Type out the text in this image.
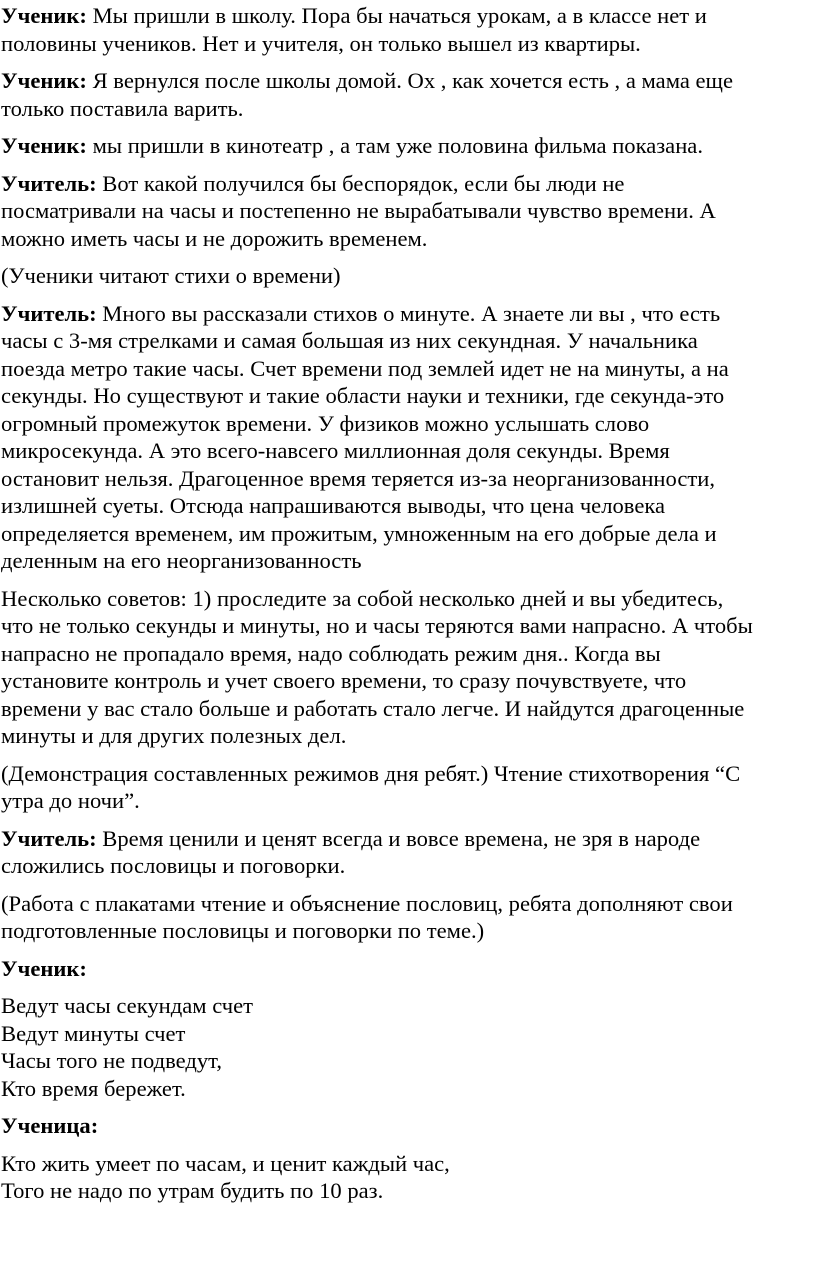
Ученик: Мы пришли в школу. Пора бы начаться урокам, а в классе нет и
половины учеников. Нет и учителя, он только вышел из квартиры.

Ученик: Я вернулся после школы домой. Ох , как хочется есть , а мама еще
только поставила варить.

Ученик: мы пришли в кинотеатр , а там уже половина фильма показана.

Учитель: Вот какой получился бы беспорядок, если бы люди не
посматривали на часы и постепенно не вырабатывали чувство времени. А
можно иметь часы и не дорожить временем.

(Ученики читают стихи о времени)

Учитель: Много вы рассказали стихов о минуте. А знаете ли вы , что есть
часы с 3-мя стрелками и самая большая из них секундная. У начальника
поезда метро такие часы. Счет времени под землей идет не на минуты, а на
секунды. Но существуют и такие области науки и техники, где секунда-это
огромный промежуток времени. У физиков можно услышать слово
микросекунда. А это всего-навсего миллионная доля секунды. Время
остановит нельзя. Драгоценное время теряется из-за неорганизованности,
излишней суеты. Отсюда напрашиваются выводы, что цена человека
определяется временем, им прожитым, умноженным на его добрые дела и
деленным на его неорганизованность

Несколько советов: 1) проследите за собой несколько дней и вы убедитесь,
что не только секунды и минуты, но и часы теряются вами напрасно. А чтобы
напрасно не пропадало время, надо соблюдать режим дня.. Когда вы
установите контроль и учет своего времени, то сразу почувствуете, что
времени у вас стало больше и работать стало легче. И найдутся драгоценные
минуты и для других полезных дел.

(Демонстрация составленных режимов дня ребят.) Чтение стихотворения “С
утра до ночи”.

Учитель: Время ценили и ценят всегда и вовсе времена, не зря в народе
сложились пословицы и поговорки.

(Работа с плакатами чтение и объяснение пословиц, ребята дополняют свои
подготовленные пословицы и поговорки по теме.)

Ученик:

Ведут часы секундам счет
Ведут минуты счет
Часы того не подведут,
Кто время бережет.

Ученица:

Кто жить умеет по часам, и ценит каждый час,
Того не надо по утрам будить по 10 раз.
